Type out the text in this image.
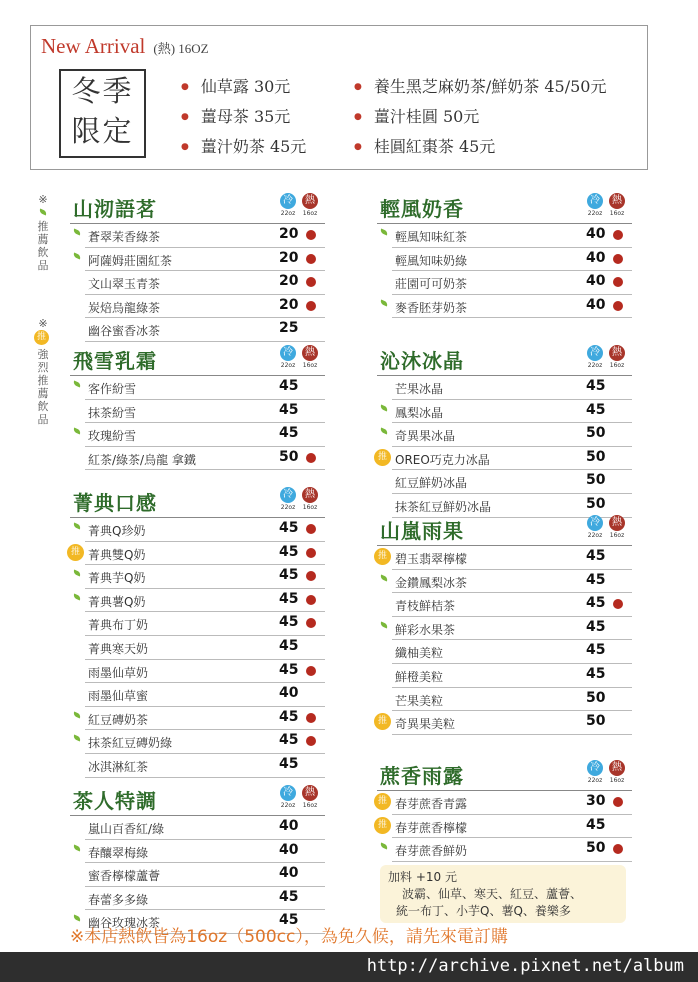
New Arrival (熱) 16OZ
冬季
限定
● 仙草露 30元
● 薑母茶 35元
● 薑汁奶茶 45元
● 養生黑芝麻奶茶/鮮奶茶 45/50元
● 薑汁桂圓 50元
● 桂圓紅棗茶 45元
※
推薦飲品
※
推
強烈推薦飲品
山沏語茗	冷
22oz
熱
16oz
蒼翠茉香綠茶	20
阿薩姆莊園紅茶	20
文山翠玉青茶	20
炭焙烏龍綠茶	20
幽谷蜜香冰茶	25
飛雪乳霜	冷
22oz
熱
16oz
客作紛雪	45
抹茶紛雪	45
玫瑰紛雪	45
紅茶/綠茶/烏龍 拿鐵	50
菁典口感	冷
22oz
熱
16oz
菁典Q珍奶	45
推 菁典雙Q奶	45
菁典芋Q奶	45
菁典薯Q奶	45
菁典布丁奶	45
菁典寒天奶	45
雨墨仙草奶	45
雨墨仙草蜜	40
紅豆磚奶茶	45
抹茶紅豆磚奶綠	45
冰淇淋紅茶	45
茶人特調	冷
22oz
熱
16oz
嵐山百香紅/綠	40
春釀翠梅綠	40
蜜香檸檬蘆薈	40
春蕾多多綠	45
幽谷玫瑰冰茶	45
輕風奶香	冷
22oz
熱
16oz
輕風知味紅茶	40
輕風知味奶綠	40
莊園可可奶茶	40
麥香胚芽奶茶	40
沁沐冰晶	冷
22oz
熱
16oz
芒果冰晶	45
鳳梨冰晶	45
奇異果冰晶	50
推 OREO巧克力冰晶	50
紅豆鮮奶冰晶	50
抹茶紅豆鮮奶冰晶	50
山嵐雨果	冷
22oz
熱
16oz
推 碧玉翡翠檸檬	45
金鑽鳳梨冰茶	45
青枝鮮桔茶	45
鮮彩水果茶	45
纖柚美粒	45
鮮橙美粒	45
芒果美粒	50
推 奇異果美粒	50
蔗香雨露	冷
22oz
熱
16oz
推 春芽蔗香青露	30
推 春芽蔗香檸檬	45
春芽蔗香鮮奶	50
加料 +10 元
波霸、仙草、寒天、紅豆、蘆薈、
統一布丁、小芋Q、薯Q、養樂多
※本店熱飲皆為16oz（500cc），為免久候，請先來電訂購
http://archive.pixnet.net/album
